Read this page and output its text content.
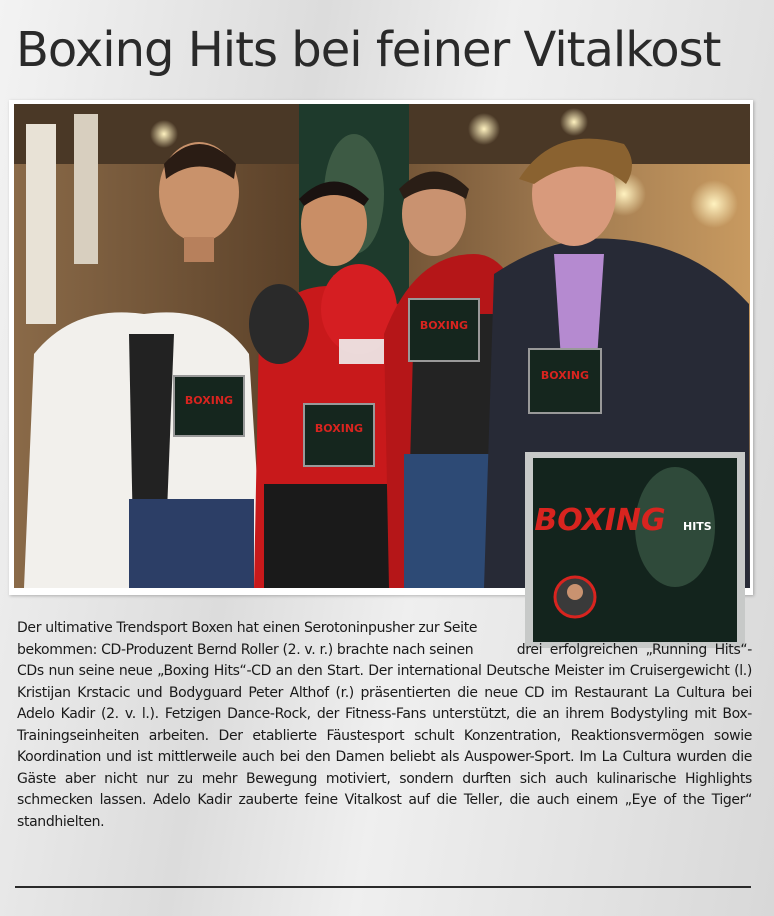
Boxing Hits bei feiner Vitalkost
BOXING
BOXING
BOXING
BOXING
BOXING HITS

Der ultimative Trendsport Boxen hat einen Serotoninpusher zur Seite bekommen: CD-Produzent Bernd Roller (2. v. r.) brachte nach seinen	drei erfolgreichen „Running Hits“-CDs nun seine neue „Boxing Hits“-CD an den Start. Der international Deutsche Meister im Cruisergewicht (l.) Kristijan Krstacic und Bodyguard Peter Althof (r.) präsentierten die neue CD im Restaurant La Cultura bei Adelo Kadir (2. v. l.). Fetzigen Dance-Rock, der Fitness-Fans unterstützt, die an ihrem Bodystyling mit Box-Trainingseinheiten arbeiten. Der etablierte Fäustesport schult Konzentration, Reaktionsvermögen sowie Koordination und ist mittlerweile auch bei den Damen beliebt als Auspower-Sport. Im La Cultura wurden die Gäste aber nicht nur zu mehr Bewegung motiviert, sondern durften sich auch kulinarische Highlights schmecken lassen. Adelo Kadir zauberte feine Vitalkost auf die Teller, die auch einem „Eye of the Tiger“ standhielten.
